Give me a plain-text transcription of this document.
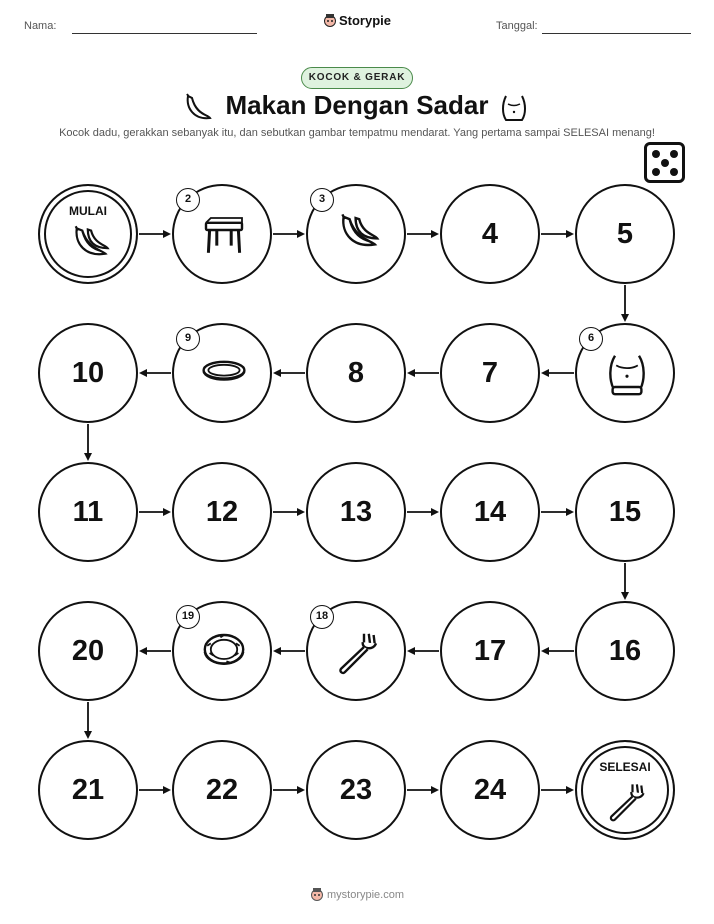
Nama:	Storypie	Tanggal:
KOCOK & GERAK
Makan Dengan Sadar
Kocok dadu, gerakkan sebanyak itu, dan sebutkan gambar tempatmu mendarat. Yang pertama sampai SELESAI menang!
MULAI
2	3
4	5
6
7
8
9
10
11	12	13	14	15
16
17
18
19
20
21	22	23	24
SELESAI
mystorypie.com
